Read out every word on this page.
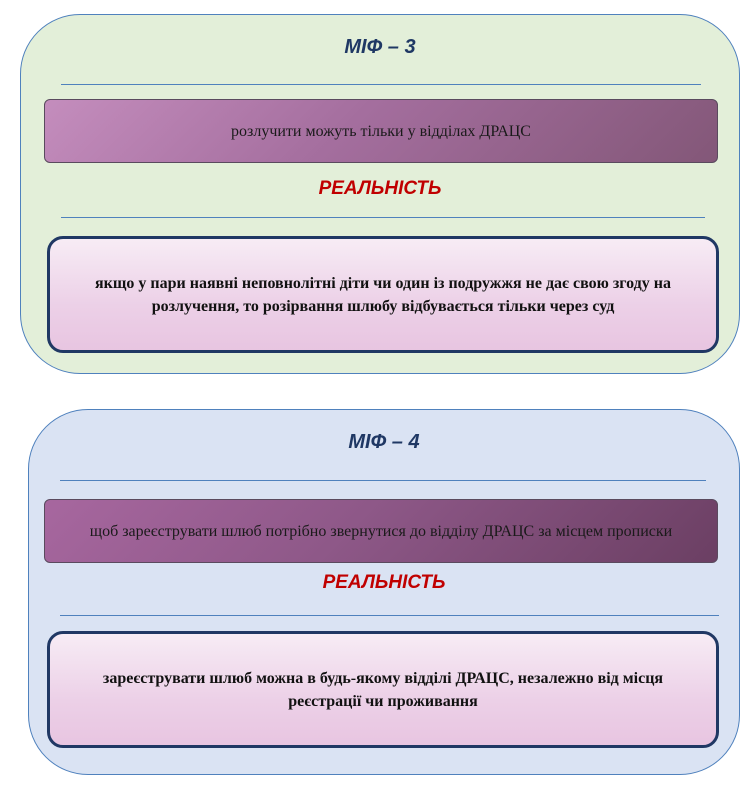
МІФ – 3
розлучити можуть тільки у відділах ДРАЦС
РЕАЛЬНІСТЬ
якщо у пари наявні неповнолітні діти чи один із подружжя не дає свою згоду на розлучення, то розірвання шлюбу відбувається тільки через суд
МІФ – 4
щоб зареєструвати шлюб потрібно звернутися до відділу ДРАЦС за місцем прописки
РЕАЛЬНІСТЬ
зареєструвати шлюб можна в будь-якому відділі ДРАЦС, незалежно від місця реєстрації чи проживання
